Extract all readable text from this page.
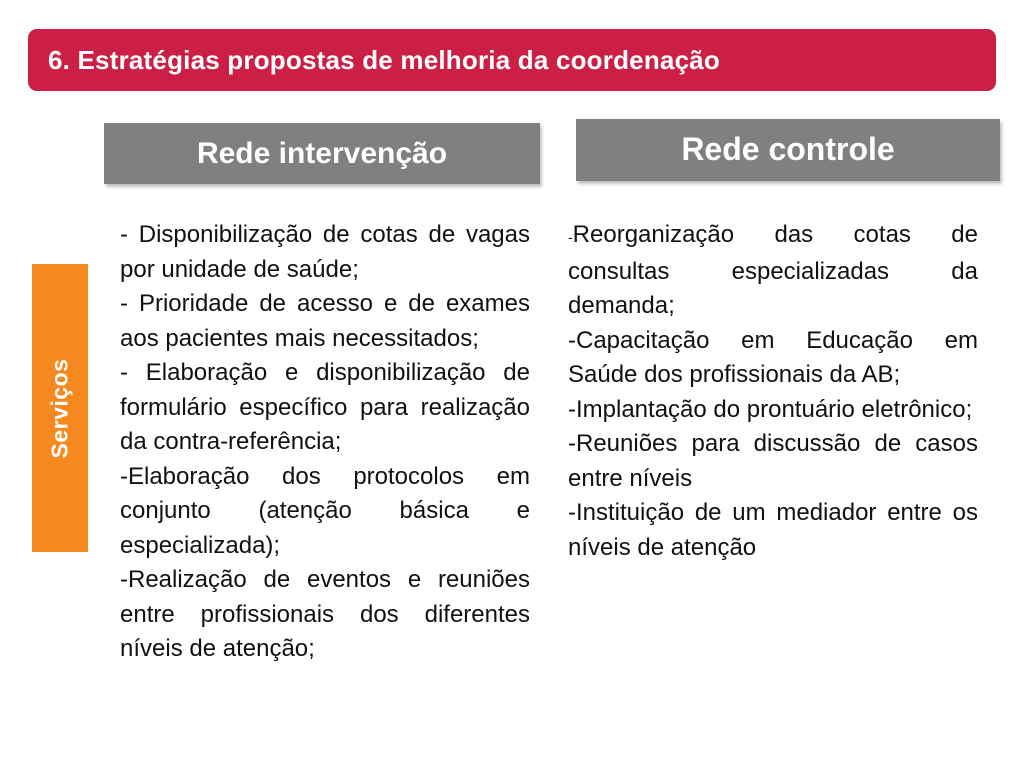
6. Estratégias propostas de melhoria da coordenação
Rede intervenção	Rede controle
Serviços
- Disponibilização de cotas de vagas por unidade de saúde;
- Prioridade de acesso e de exames aos pacientes mais necessitados;
- Elaboração e disponibilização de formulário específico para realização da contra-referência;
-Elaboração dos protocolos em conjunto (atenção básica e especializada);
-Realização de eventos e reuniões entre profissionais dos diferentes níveis de atenção;
-Reorganização das cotas de consultas especializadas da demanda;
-Capacitação em Educação em Saúde dos profissionais da AB;
-Implantação do prontuário eletrônico;
-Reuniões para discussão de casos entre níveis
-Instituição de um mediador entre os níveis de atenção
